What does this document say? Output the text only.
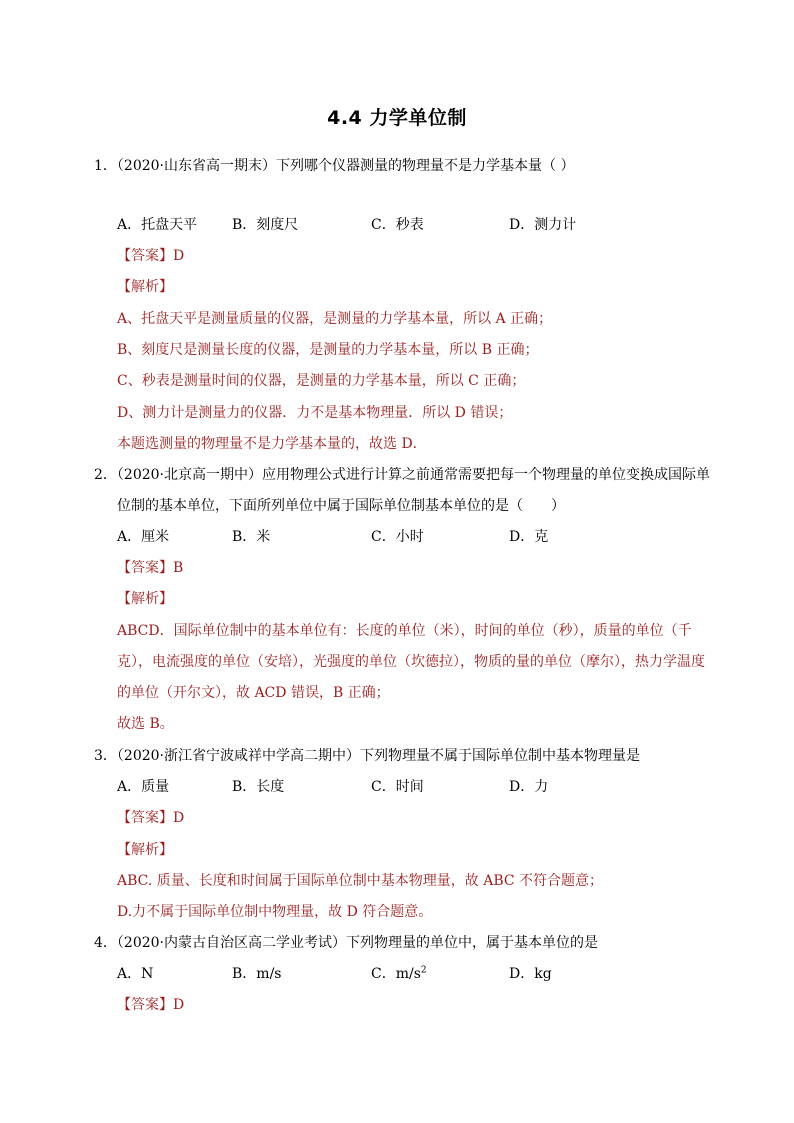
4.4 力学单位制
1．（2020·山东省高一期末）下列哪个仪器测量的物理量不是力学基本量（ ）
A．托盘天平 B．刻度尺	C．秒表	D．测力计
【答案】D
【解析】
A、托盘天平是测量质量的仪器，是测量的力学基本量，所以 A 正确；
B、刻度尺是测量长度的仪器，是测量的力学基本量，所以 B 正确；
C、秒表是测量时间的仪器，是测量的力学基本量，所以 C 正确；
D、测力计是测量力的仪器．力不是基本物理量．所以 D 错误；
本题选测量的物理量不是力学基本量的，故选 D．
2．（2020·北京高一期中）应用物理公式进行计算之前通常需要把每一个物理量的单位变换成国际单
位制的基本单位，下面所列单位中属于国际单位制基本单位的是（　　）
A．厘米	B．米	C．小时	D．克
【答案】B
【解析】
ABCD．国际单位制中的基本单位有：长度的单位（米），时间的单位（秒），质量的单位（千
克），电流强度的单位（安培），光强度的单位（坎德拉），物质的量的单位（摩尔），热力学温度
的单位（开尔文），故 ACD 错误，B 正确；
故选 B。
3．（2020·浙江省宁波咸祥中学高二期中）下列物理量不属于国际单位制中基本物理量是
A．质量	B．长度	C．时间	D．力
【答案】D
【解析】
ABC. 质量、长度和时间属于国际单位制中基本物理量，故 ABC 不符合题意；
D.力不属于国际单位制中物理量，故 D 符合题意。
4．（2020·内蒙古自治区高二学业考试）下列物理量的单位中，属于基本单位的是
A．N	B．m/s	C．$m/s^2$	D．kg
【答案】D
